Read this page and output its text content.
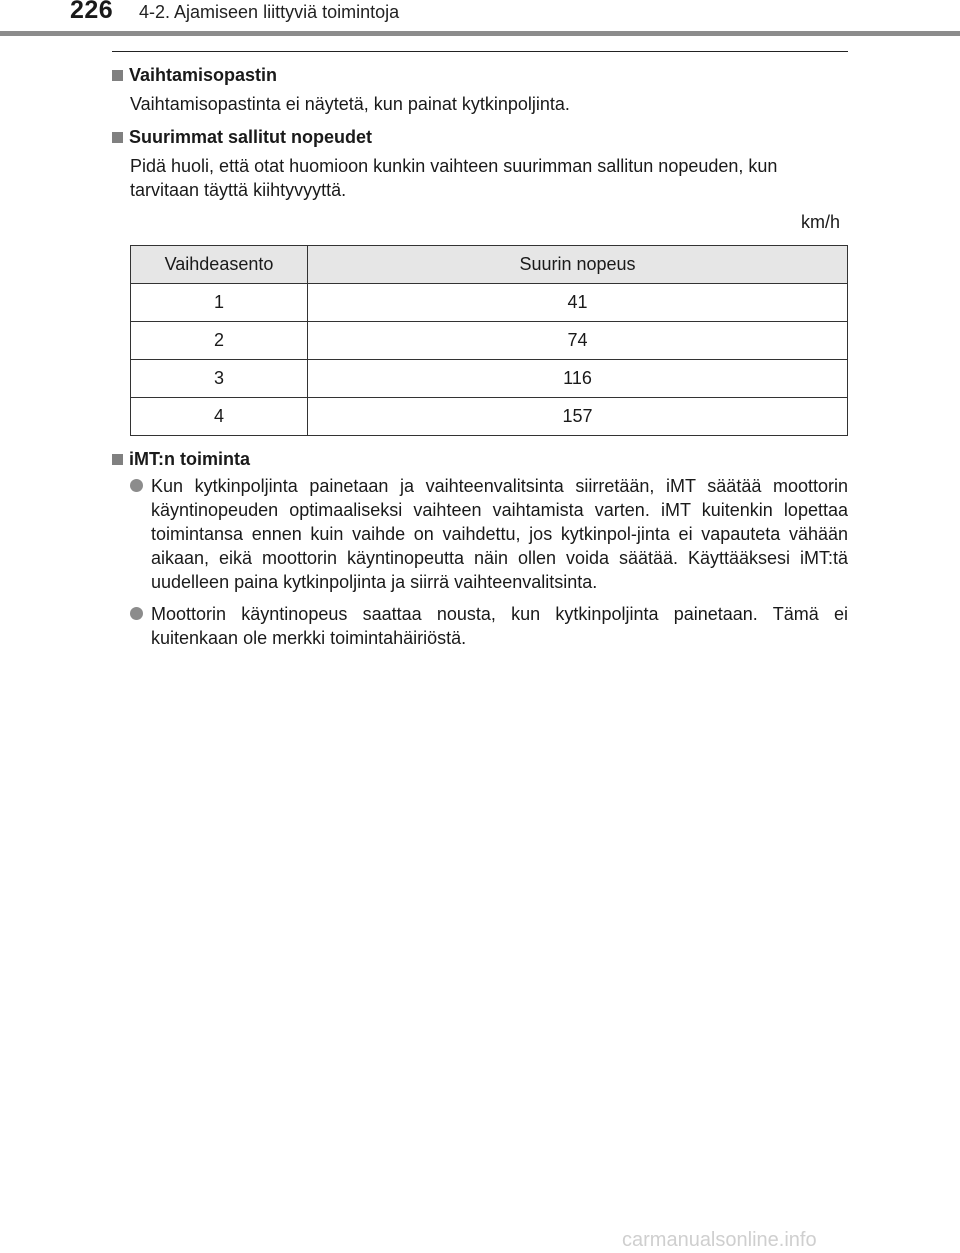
226 4-2. Ajamiseen liittyviä toimintoja
Vaihtamisopastin
Vaihtamisopastinta ei näytetä, kun painat kytkinpoljinta.
Suurimmat sallitut nopeudet
Pidä huoli, että otat huomioon kunkin vaihteen suurimman sallitun nopeuden, kun tarvitaan täyttä kiihtyvyyttä.
km/h
Vaihdeasento	Suurin nopeus
1	41
2	74
3	116
4	157
iMT:n toiminta
Kun kytkinpoljinta painetaan ja vaihteenvalitsinta siirretään, iMT säätää moottorin käyntinopeuden optimaaliseksi vaihteen vaihtamista varten. iMT kuitenkin lopettaa toimintansa ennen kuin vaihde on vaihdettu, jos kytkinpol-jinta ei vapauteta vähään aikaan, eikä moottorin käyntinopeutta näin ollen voida säätää. Käyttääksesi iMT:tä uudelleen paina kytkinpoljinta ja siirrä vaihteenvalitsinta.
Moottorin käyntinopeus saattaa nousta, kun kytkinpoljinta painetaan. Tämä ei kuitenkaan ole merkki toimintahäiriöstä.
carmanualsonline.info
